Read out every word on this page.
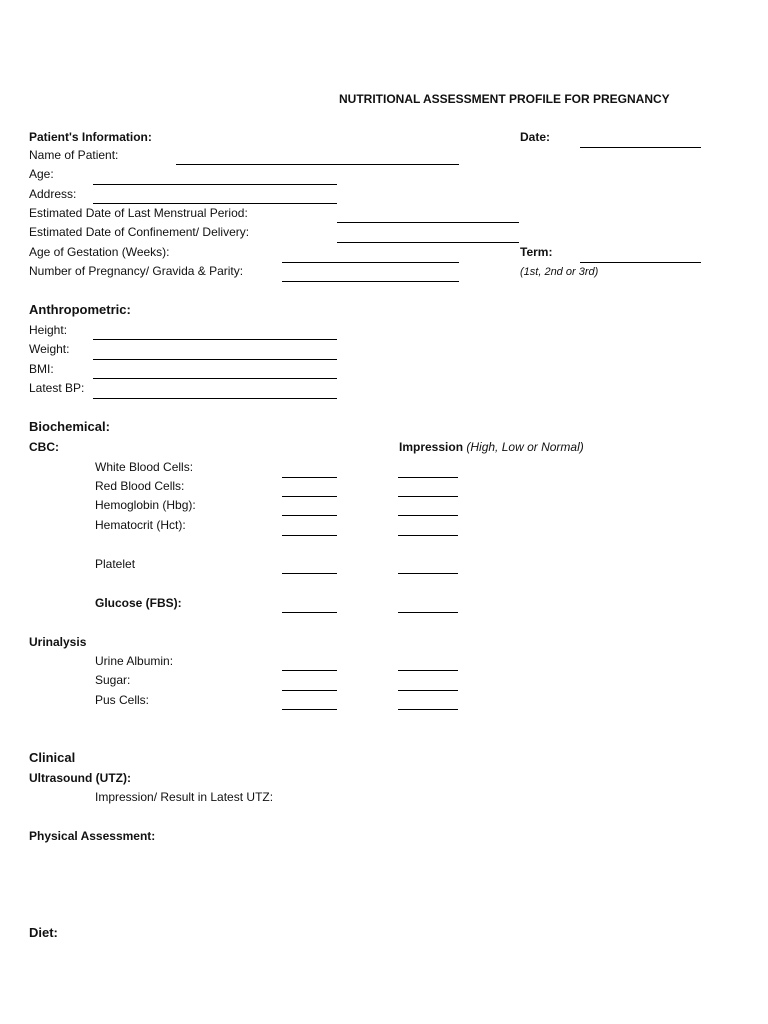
NUTRITIONAL ASSESSMENT PROFILE FOR PREGNANCY
Patient's Information:	Date:
Name of Patient:
Age:
Address:
Estimated Date of Last Menstrual Period:
Estimated Date of Confinement/ Delivery:
Age of Gestation (Weeks):	Term:
Number of Pregnancy/ Gravida & Parity:	(1st, 2nd or 3rd)
Anthropometric:
Height:
Weight:
BMI:
Latest BP:
Biochemical:
CBC:	Impression (High, Low or Normal)
White Blood Cells:
Red Blood Cells:
Hemoglobin (Hbg):
Hematocrit (Hct):
Platelet
Glucose (FBS):
Urinalysis
Urine Albumin:
Sugar:
Pus Cells:
Clinical
Ultrasound (UTZ):
Impression/ Result in Latest UTZ:
Physical Assessment:
Diet:
